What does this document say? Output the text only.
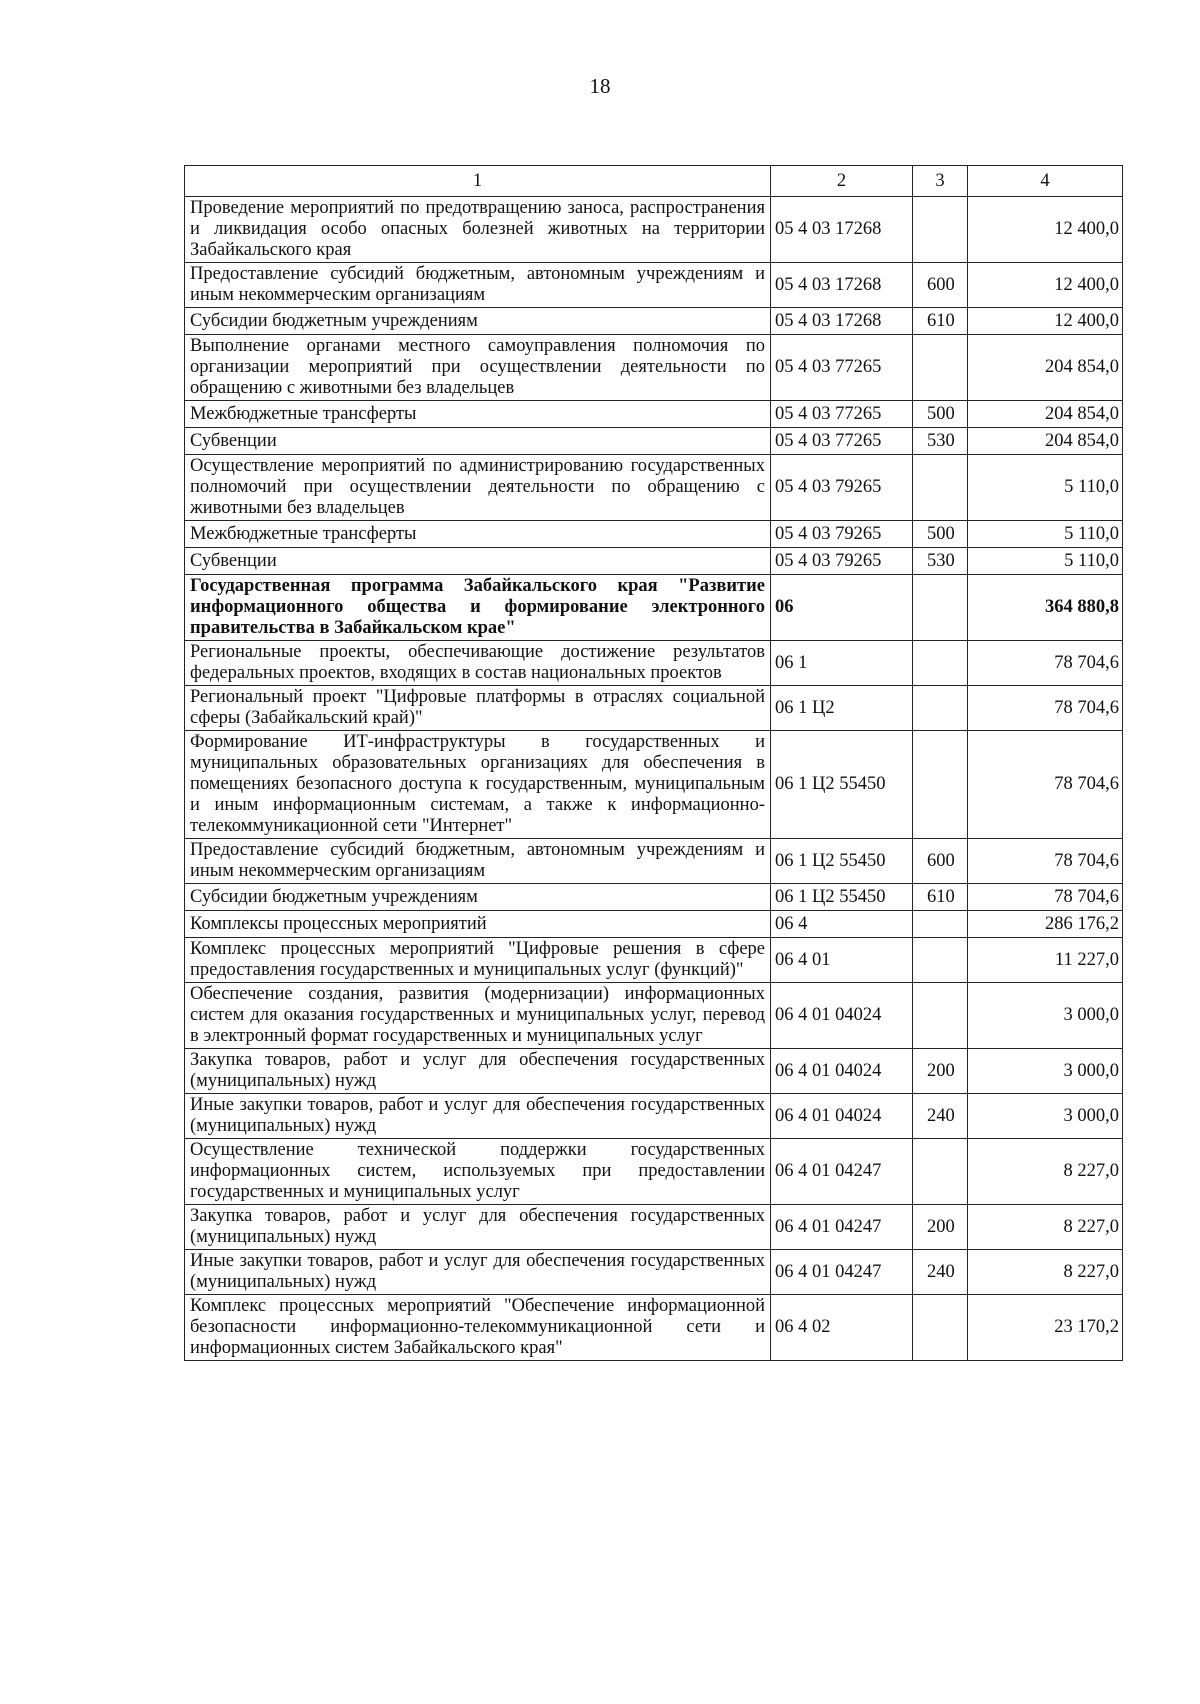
18
1	2	3	4
Проведение мероприятий по предотвращению заноса, распространения и ликвидация особо опасных болезней животных на территории Забайкальского края	05 4 03 17268		12 400,0
Предоставление субсидий бюджетным, автономным учреждениям и иным некоммерческим организациям	05 4 03 17268	600	12 400,0
Субсидии бюджетным учреждениям	05 4 03 17268	610	12 400,0
Выполнение органами местного самоуправления полномочия по организации мероприятий при осуществлении деятельности по обращению с животными без владельцев	05 4 03 77265		204 854,0
Межбюджетные трансферты	05 4 03 77265	500	204 854,0
Субвенции	05 4 03 77265	530	204 854,0
Осуществление мероприятий по администрированию государственных полномочий при осуществлении деятельности по обращению с животными без владельцев	05 4 03 79265		5 110,0
Межбюджетные трансферты	05 4 03 79265	500	5 110,0
Субвенции	05 4 03 79265	530	5 110,0
Государственная программа Забайкальского края "Развитие информационного общества и формирование электронного правительства в Забайкальском крае"	06		364 880,8
Региональные проекты, обеспечивающие достижение результатов федеральных проектов, входящих в состав национальных проектов	06 1		78 704,6
Региональный проект "Цифровые платформы в отраслях социальной сферы (Забайкальский край)"	06 1 Ц2		78 704,6
Формирование ИТ-инфраструктуры в государственных и муниципальных образовательных организациях для обеспечения в помещениях безопасного доступа к государственным, муниципальным и иным информационным системам, а также к информационно-телекоммуникационной сети "Интернет"	06 1 Ц2 55450		78 704,6
Предоставление субсидий бюджетным, автономным учреждениям и иным некоммерческим организациям	06 1 Ц2 55450	600	78 704,6
Субсидии бюджетным учреждениям	06 1 Ц2 55450	610	78 704,6
Комплексы процессных мероприятий	06 4		286 176,2
Комплекс процессных мероприятий "Цифровые решения в сфере предоставления государственных и муниципальных услуг (функций)"	06 4 01		11 227,0
Обеспечение создания, развития (модернизации) информационных систем для оказания государственных и муниципальных услуг, перевод в электронный формат государственных и муниципальных услуг	06 4 01 04024		3 000,0
Закупка товаров, работ и услуг для обеспечения государственных (муниципальных) нужд	06 4 01 04024	200	3 000,0
Иные закупки товаров, работ и услуг для обеспечения государственных (муниципальных) нужд	06 4 01 04024	240	3 000,0
Осуществление технической поддержки государственных информационных систем, используемых при предоставлении государственных и муниципальных услуг	06 4 01 04247		8 227,0
Закупка товаров, работ и услуг для обеспечения государственных (муниципальных) нужд	06 4 01 04247	200	8 227,0
Иные закупки товаров, работ и услуг для обеспечения государственных (муниципальных) нужд	06 4 01 04247	240	8 227,0
Комплекс процессных мероприятий "Обеспечение информационной безопасности информационно-телекоммуникационной сети и информационных систем Забайкальского края"	06 4 02		23 170,2
